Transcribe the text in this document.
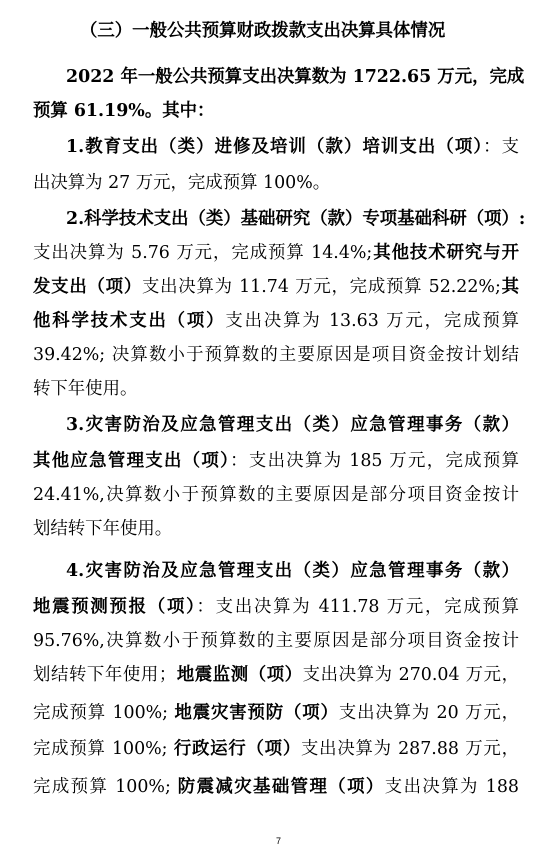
（三）一般公共预算财政拨款支出决算具体情况
2022 年一般公共预算支出决算数为 1722.65 万元，完成
预算 61.19%。其中：
1.教育支出（类）进修及培训（款）培训支出（项）：支
出决算为 27 万元，完成预算 100%。
2.科学技术支出（类）基础研究（款）专项基础科研（项）:
支出决算为 5.76 万元，完成预算 14.4%;其他技术研究与开
发支出（项）支出决算为 11.74 万元，完成预算 52.22%;其
他科学技术支出（项）支出决算为 13.63 万元，完成预算
39.42%; 决算数小于预算数的主要原因是项目资金按计划结
转下年使用。
3.灾害防治及应急管理支出（类）应急管理事务（款）
其他应急管理支出（项）：支出决算为 185 万元，完成预算
24.41%,决算数小于预算数的主要原因是部分项目资金按计
划结转下年使用。
4.灾害防治及应急管理支出（类）应急管理事务（款）
地震预测预报（项）：支出决算为 411.78 万元，完成预算
95.76%,决算数小于预算数的主要原因是部分项目资金按计
划结转下年使用；地震监测（项）支出决算为 270.04 万元，
完成预算 100%; 地震灾害预防（项）支出决算为 20 万元，
完成预算 100%; 行政运行（项）支出决算为 287.88 万元，
完成预算 100%; 防震减灾基础管理（项）支出决算为 188
7
